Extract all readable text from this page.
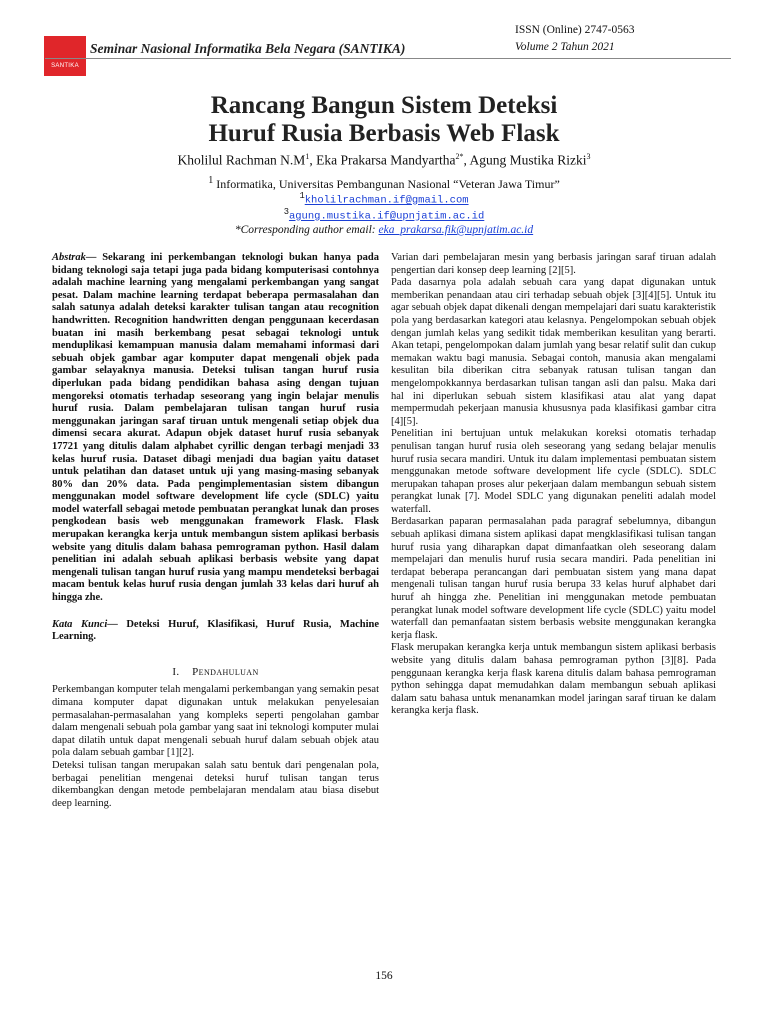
SANTIKA
Seminar Nasional Informatika Bela Negara (SANTIKA)
ISSN (Online) 2747-0563
Volume 2 Tahun 2021
Rancang Bangun Sistem Deteksi
Huruf Rusia Berbasis Web Flask
Kholilul Rachman $N.M^1$, Eka Prakarsa Mandyartha$^{2*}$, Agung Mustika Rizki$^3$
$^1$ Informatika, Universitas Pembangunan Nasional “Veteran Jawa Timur”
$^1$kholilrachman.if@gmail.com
$^3$agung.mustika.if@upnjatim.ac.id
*Corresponding author email: eka_prakarsa.fik@upnjatim.ac.id

Abstrak— Sekarang ini perkembangan teknologi bukan hanya pada bidang teknologi saja tetapi juga pada bidang komputerisasi contohnya adalah machine learning yang mengalami perkembangan yang sangat pesat. Dalam machine learning terdapat beberapa permasalahan dan salah satunya adalah deteksi karakter tulisan tangan atau recognition handwritten. Recognition handwritten dengan penggunaan kecerdasan buatan ini masih berkembang pesat sebagai teknologi untuk menduplikasi kemampuan manusia dalam memahami informasi dari sebuah objek gambar agar komputer dapat mengenali objek pada gambar selayaknya manusia. Deteksi tulisan tangan huruf rusia diperlukan pada bidang pendidikan bahasa asing dengan tujuan mengoreksi otomatis terhadap seseorang yang ingin belajar menulis huruf rusia. Dalam pembelajaran tulisan tangan huruf rusia menggunakan jaringan saraf tiruan untuk mengenali setiap objek dua dimensi secara akurat. Adapun objek dataset huruf rusia sebanyak 17721 yang ditulis dalam alphabet cyrillic dengan terbagi menjadi 33 kelas huruf rusia. Dataset dibagi menjadi dua bagian yaitu dataset untuk pelatihan dan dataset untuk uji yang masing-masing sebanyak 80% dan 20% data. Pada pengimplementasian sistem dibangun menggunakan model software development life cycle (SDLC) yaitu model waterfall sebagai metode pembuatan perangkat lunak dan proses pengkodean basis web menggunakan framework Flask. Flask merupakan kerangka kerja untuk membangun sistem aplikasi berbasis website yang ditulis dalam bahasa pemrograman python. Hasil dalam penelitian ini adalah sebuah aplikasi berbasis website yang dapat mengenali tulisan tangan huruf rusia yang mampu mendeteksi berbagai macam bentuk kelas huruf rusia dengan jumlah 33 kelas dari huruf ah hingga zhe.

Kata Kunci— Deteksi Huruf, Klasifikasi, Huruf Rusia, Machine Learning.

I. Pendahuluan

Perkembangan komputer telah mengalami perkembangan yang semakin pesat dimana komputer dapat digunakan untuk melakukan penyelesaian permasalahan-permasalahan yang kompleks seperti pengolahan gambar dalam mengenali sebuah pola gambar yang saat ini teknologi komputer mulai dapat dilatih untuk dapat mengenali sebuah huruf dalam sebuah objek atau pola dalam sebuah gambar [1][2].

Deteksi tulisan tangan merupakan salah satu bentuk dari pengenalan pola, berbagai penelitian mengenai deteksi huruf tulisan tangan terus dikembangkan dengan metode pembelajaran mendalam atau biasa disebut deep learning.

Varian dari pembelajaran mesin yang berbasis jaringan saraf tiruan adalah pengertian dari konsep deep learning [2][5].

Pada dasarnya pola adalah sebuah cara yang dapat digunakan untuk memberikan penandaan atau ciri terhadap sebuah objek [3][4][5]. Untuk itu agar sebuah objek dapat dikenali dengan mempelajari dari suatu karakteristik pola yang berdasarkan kategori atau kelasnya. Pengelompokan sebuah objek dengan jumlah kelas yang sedikit tidak memberikan kesulitan yang berarti. Akan tetapi, pengelompokan dalam jumlah yang besar relatif sulit dan cukup memakan waktu bagi manusia. Sebagai contoh, manusia akan mengalami kesulitan bila diberikan citra sebanyak ratusan tulisan tangan dan mengelompokkannya berdasarkan tulisan tangan asli dan palsu. Maka dari hal ini diperlukan sebuah sistem klasifikasi atau alat yang dapat mempermudah pekerjaan manusia khususnya pada klasifikasi gambar citra [4][5].

Penelitian ini bertujuan untuk melakukan koreksi otomatis terhadap penulisan tangan huruf rusia oleh seseorang yang sedang belajar menulis huruf rusia secara mandiri. Untuk itu dalam implementasi pembuatan sistem menggunakan metode software development life cycle (SDLC). SDLC merupakan tahapan proses alur pekerjaan dalam membangun sebuah sistem perangkat lunak [7]. Model SDLC yang digunakan peneliti adalah model waterfall.

Berdasarkan paparan permasalahan pada paragraf sebelumnya, dibangun sebuah aplikasi dimana sistem aplikasi dapat mengklasifikasi tulisan tangan huruf rusia yang diharapkan dapat dimanfaatkan oleh seseorang dalam mempelajari dan menulis huruf rusia secara mandiri. Pada penelitian ini terdapat beberapa perancangan dari pembuatan sistem yang mana dapat mengenali tulisan tangan huruf rusia berupa 33 kelas huruf alphabet dari huruf ah hingga zhe. Penelitian ini menggunakan metode pembuatan perangkat lunak model software development life cycle (SDLC) yaitu model waterfall dan pemanfaatan sistem berbasis website menggunakan kerangka kerja flask.

Flask merupakan kerangka kerja untuk membangun sistem aplikasi berbasis website yang ditulis dalam bahasa pemrograman python [3][8]. Pada penggunaan kerangka kerja flask karena ditulis dalam bahasa pemrograman python sehingga dapat memudahkan dalam membangun sebuah aplikasi dalam satu bahasa untuk menanamkan model jaringan saraf tiruan ke dalam kerangka kerja flask.

156
